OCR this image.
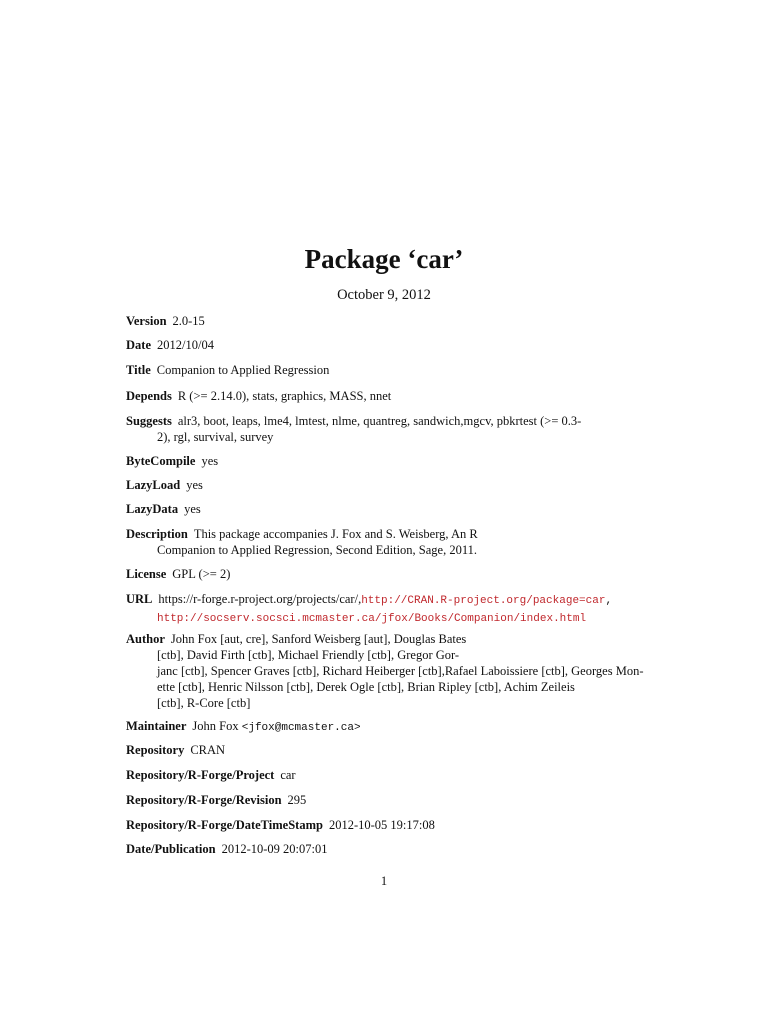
Package ‘car’
October 9, 2012
Version 2.0-15
Date 2012/10/04
Title Companion to Applied Regression
Depends R (>= 2.14.0), stats, graphics, MASS, nnet
Suggests alr3, boot, leaps, lme4, lmtest, nlme, quantreg, sandwich,mgcv, pbkrtest (>= 0.3-
2), rgl, survival, survey
ByteCompile yes
LazyLoad yes
LazyData yes
Description This package accompanies J. Fox and S. Weisberg, An R
Companion to Applied Regression, Second Edition, Sage, 2011.
License GPL (>= 2)
URL https://r-forge.r-project.org/projects/car/,http://CRAN.R-project.org/package=car,
http://socserv.socsci.mcmaster.ca/jfox/Books/Companion/index.html
Author John Fox [aut, cre], Sanford Weisberg [aut], Douglas Bates
[ctb], David Firth [ctb], Michael Friendly [ctb], Gregor Gor-
janc [ctb], Spencer Graves [ctb], Richard Heiberger [ctb],Rafael Laboissiere [ctb], Georges Mon-
ette [ctb], Henric Nilsson [ctb], Derek Ogle [ctb], Brian Ripley [ctb], Achim Zeileis
[ctb], R-Core [ctb]
Maintainer John Fox <jfox@mcmaster.ca>
Repository CRAN
Repository/R-Forge/Project car
Repository/R-Forge/Revision 295
Repository/R-Forge/DateTimeStamp 2012-10-05 19:17:08
Date/Publication 2012-10-09 20:07:01
1
